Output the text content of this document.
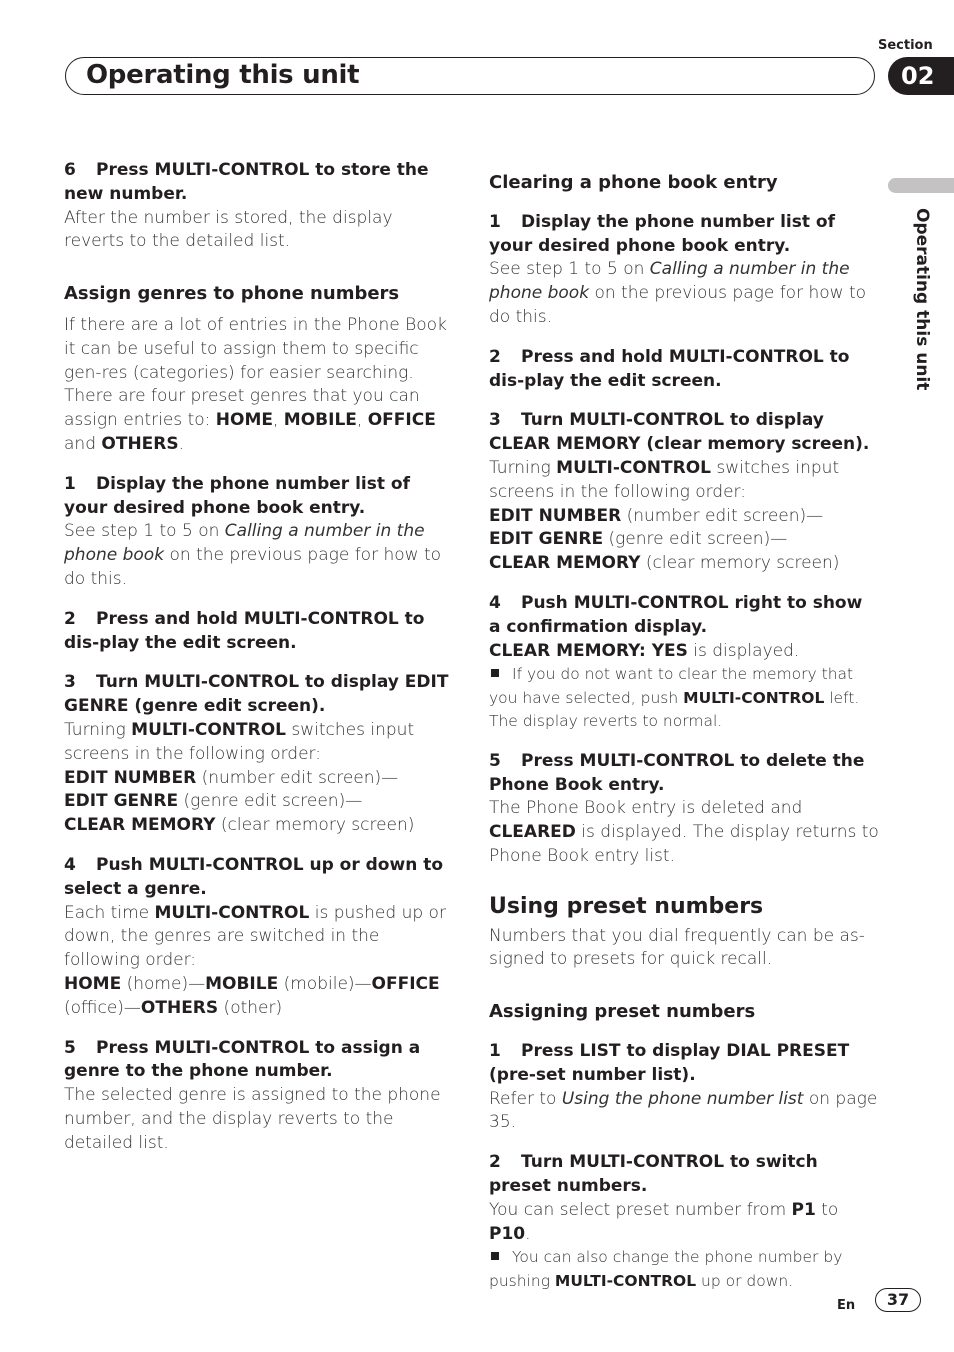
Section
Operating this unit	02
Operating this unit

6 Press MULTI-CONTROL to store the new number.

After the number is stored, the display reverts to the detailed list.

Assign genres to phone numbers

If there are a lot of entries in the Phone Book it can be useful to assign them to specific gen-res (categories) for easier searching. There are four preset genres that you can assign entries to: HOME, MOBILE, OFFICE and OTHERS.

1 Display the phone number list of your desired phone book entry.

See step 1 to 5 on Calling a number in the phone book on the previous page for how to do this.

2 Press and hold MULTI-CONTROL to dis-play the edit screen.

3 Turn MULTI-CONTROL to display EDIT GENRE (genre edit screen).

Turning MULTI-CONTROL switches input screens in the following order:
EDIT NUMBER (number edit screen)—
EDIT GENRE (genre edit screen)—
CLEAR MEMORY (clear memory screen)

4 Push MULTI-CONTROL up or down to select a genre.

Each time MULTI-CONTROL is pushed up or down, the genres are switched in the following order:
HOME (home)—MOBILE (mobile)—OFFICE (office)—OTHERS (other)

5 Press MULTI-CONTROL to assign a genre to the phone number.

The selected genre is assigned to the phone number, and the display reverts to the detailed list.

Clearing a phone book entry

1 Display the phone number list of your desired phone book entry.

See step 1 to 5 on Calling a number in the phone book on the previous page for how to do this.

2 Press and hold MULTI-CONTROL to dis-play the edit screen.

3 Turn MULTI-CONTROL to display CLEAR MEMORY (clear memory screen).

Turning MULTI-CONTROL switches input screens in the following order:
EDIT NUMBER (number edit screen)—
EDIT GENRE (genre edit screen)—
CLEAR MEMORY (clear memory screen)

4 Push MULTI-CONTROL right to show a confirmation display.

CLEAR MEMORY: YES is displayed.

If you do not want to clear the memory that you have selected, push MULTI-CONTROL left. The display reverts to normal.

5 Press MULTI-CONTROL to delete the Phone Book entry.

The Phone Book entry is deleted and CLEARED is displayed. The display returns to Phone Book entry list.

Using preset numbers

Numbers that you dial frequently can be as-signed to presets for quick recall.

Assigning preset numbers

1 Press LIST to display DIAL PRESET (pre-set number list).

Refer to Using the phone number list on page 35.

2 Turn MULTI-CONTROL to switch preset numbers.

You can select preset number from P1 to P10.

You can also change the phone number by pushing MULTI-CONTROL up or down.

En	37
